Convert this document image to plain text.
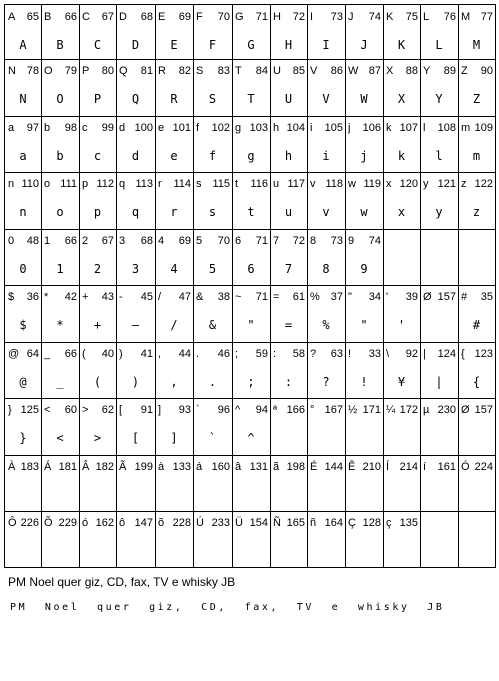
A 65
A
B 66
B
C 67
C
D 68
D
E 69
E
F 70
F
G 71
G
H 72
H
I 73
I
J 74
J
K 75
K
L 76
L
M 77
M
N 78
N
O 79
O
P 80
P
Q 81
Q
R 82
R
S 83
S
T 84
T
U 85
U
V 86
V
W 87
W
X 88
X
Y 89
Y
Z 90
Z
a 97
a
b 98
b
c 99
c
d 100
d
e 101
e
f 102
f
g 103
g
h 104
h
i 105
i
j 106
j
k 107
k
l 108
l
m 109
m
n 110
n
o 111
o
p 112
p
q 113
q
r 114
r
s 115
s
t 116
t
u 117
u
v 118
v
w 119
w
x 120
x
y 121
y
z 122
z
0 48
0
1 66
1
2 67
2
3 68
3
4 69
4
5 70
5
6 71
6
7 72
7
8 73
8
9 74
9
$ 36
$
* 42
*
+ 43
+
- 45
—
/ 47
/
& 38
&
~ 71
"
= 61
=
% 37
%
" 34
"
' 39
'
Ø 157 # 35
#
@ 64
@
_ 66
_
( 40
(
) 41
)
, 44
,
. 46
.
; 59
;
: 58
:
? 63
?
! 33
!
\ 92
¥
| 124
|
{ 123
{
} 125
}
< 60
<
> 62
>
[ 91
[
] 93
]
` 96
`
^ 94
^
ª 166 ° 167 ½ 171 ¼ 172 µ 230 Ø 157
À 183 Á 181 Â 182 Ã 199 à 133 á 160 â 131 ã 198 É 144 Ê 210 Í 214 í 161 Ó 224
Ô 226 Õ 229 ó 162 ô 147 õ 228 Ú 233 Ü 154 Ñ 165 ñ 164 Ç 128 ç 135
PM Noel quer giz, CD, fax, TV e whisky JB
PM Noel quer giz, CD, fax, TV e whisky JB
